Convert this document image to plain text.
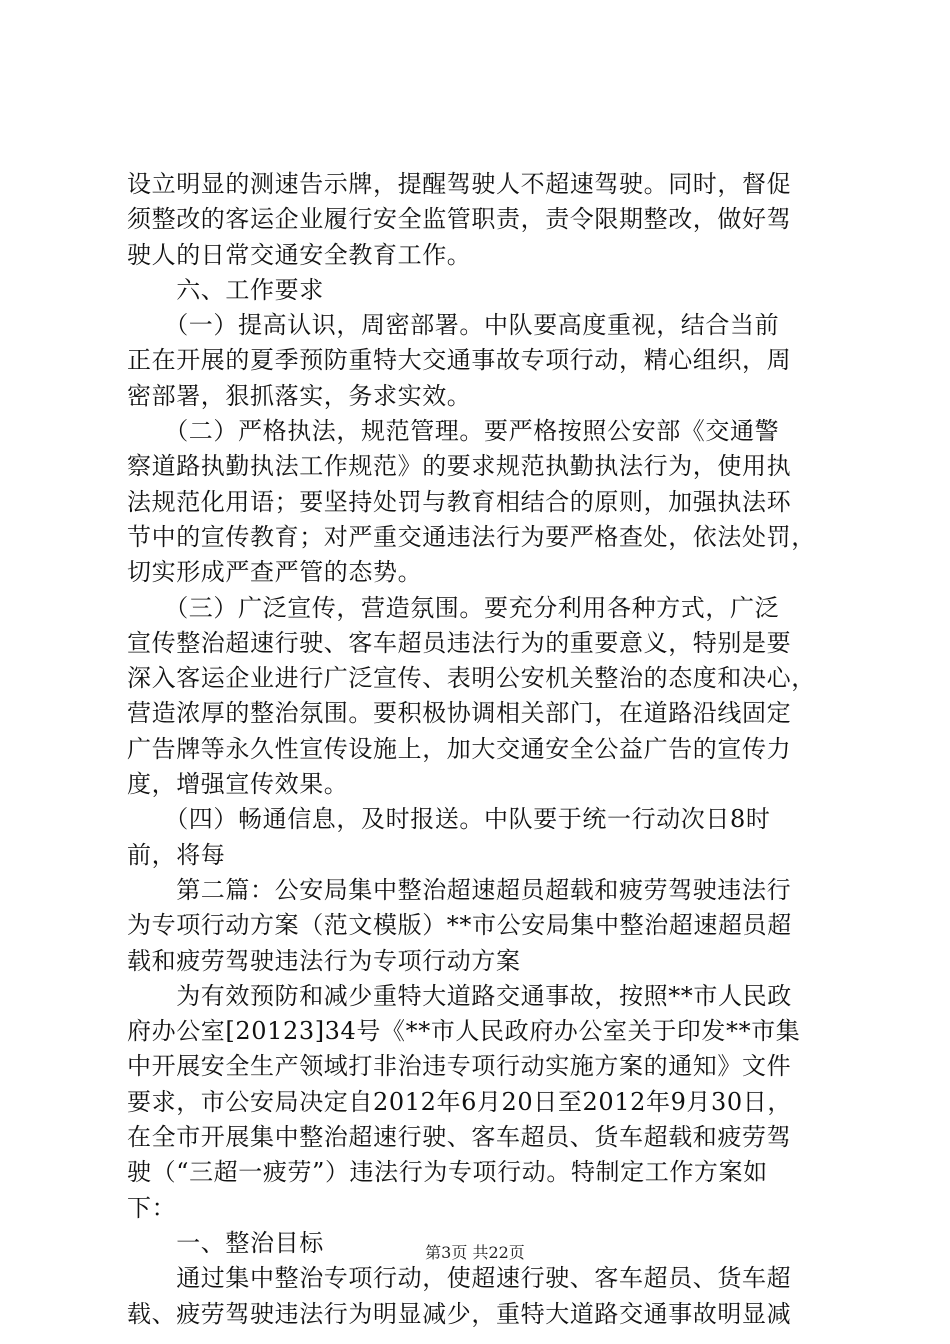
设立明显的测速告示牌，提醒驾驶人不超速驾驶。同时，督促
须整改的客运企业履行安全监管职责，责令限期整改，做好驾
驶人的日常交通安全教育工作。
　　六、工作要求
　　（一）提高认识，周密部署。中队要高度重视，结合当前
正在开展的夏季预防重特大交通事故专项行动，精心组织，周
密部署，狠抓落实，务求实效。
　　（二）严格执法，规范管理。要严格按照公安部《交通警
察道路执勤执法工作规范》的要求规范执勤执法行为，使用执
法规范化用语；要坚持处罚与教育相结合的原则，加强执法环
节中的宣传教育；对严重交通违法行为要严格查处，依法处罚，
切实形成严查严管的态势。
　　（三）广泛宣传，营造氛围。要充分利用各种方式，广泛
宣传整治超速行驶、客车超员违法行为的重要意义，特别是要
深入客运企业进行广泛宣传、表明公安机关整治的态度和决心，
营造浓厚的整治氛围。要积极协调相关部门，在道路沿线固定
广告牌等永久性宣传设施上，加大交通安全公益广告的宣传力
度，增强宣传效果。
　　（四）畅通信息，及时报送。中队要于统一行动次日8时
前，将每
　　第二篇：公安局集中整治超速超员超载和疲劳驾驶违法行
为专项行动方案（范文模版）**市公安局集中整治超速超员超
载和疲劳驾驶违法行为专项行动方案
　　为有效预防和减少重特大道路交通事故，按照**市人民政
府办公室[20123]34号《**市人民政府办公室关于印发**市集
中开展安全生产领域打非治违专项行动实施方案的通知》文件
要求，市公安局决定自2012年6月20日至2012年9月30日，
在全市开展集中整治超速行驶、客车超员、货车超载和疲劳驾
驶（“三超一疲劳”）违法行为专项行动。特制定工作方案如
下：
　　一、整治目标
　　通过集中整治专项行动，使超速行驶、客车超员、货车超
载、疲劳驾驶违法行为明显减少，重特大道路交通事故明显减
第3页 共22页
